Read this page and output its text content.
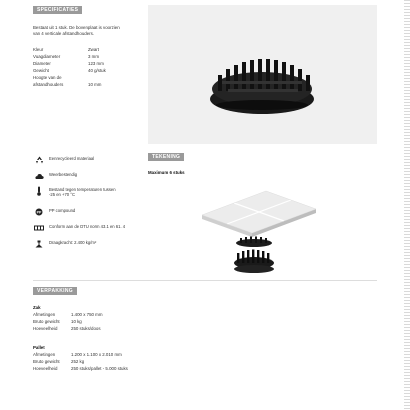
SPECIFICATIES
Bestaat uit 1 stuk. De bovenplaat is voorzien
van 4 verticale afstandhouders.
Kleur	Zwart
Vuagdiameter	3 mm
Diameter	123 mm
Gewicht	40 g/stuk
Hoogte van de
afstandhouders	10 mm
Eenrecycleerd materiaal
Weerbestendig
Bestand tegen temperaturen tussen
-25 en +70 °C
PP PP compound
Conform aan de DTU norm 43.1 en 61. 4
Draagkracht: 2.400 kg/m²
TEKENING
Maximum 6 stuks
VERPAKKING
Zak
Afmetingen	1.400 x 750 mm
Bruto gewicht	10 kg
Hoeveelheid	250 stuks/doos
Pallet
Afmetingen	1.200 x 1.100 x 2.010 mm
Bruto gewicht	252 kg
Hoeveelheid	250 stuks/pallet - 5.000 stuks
